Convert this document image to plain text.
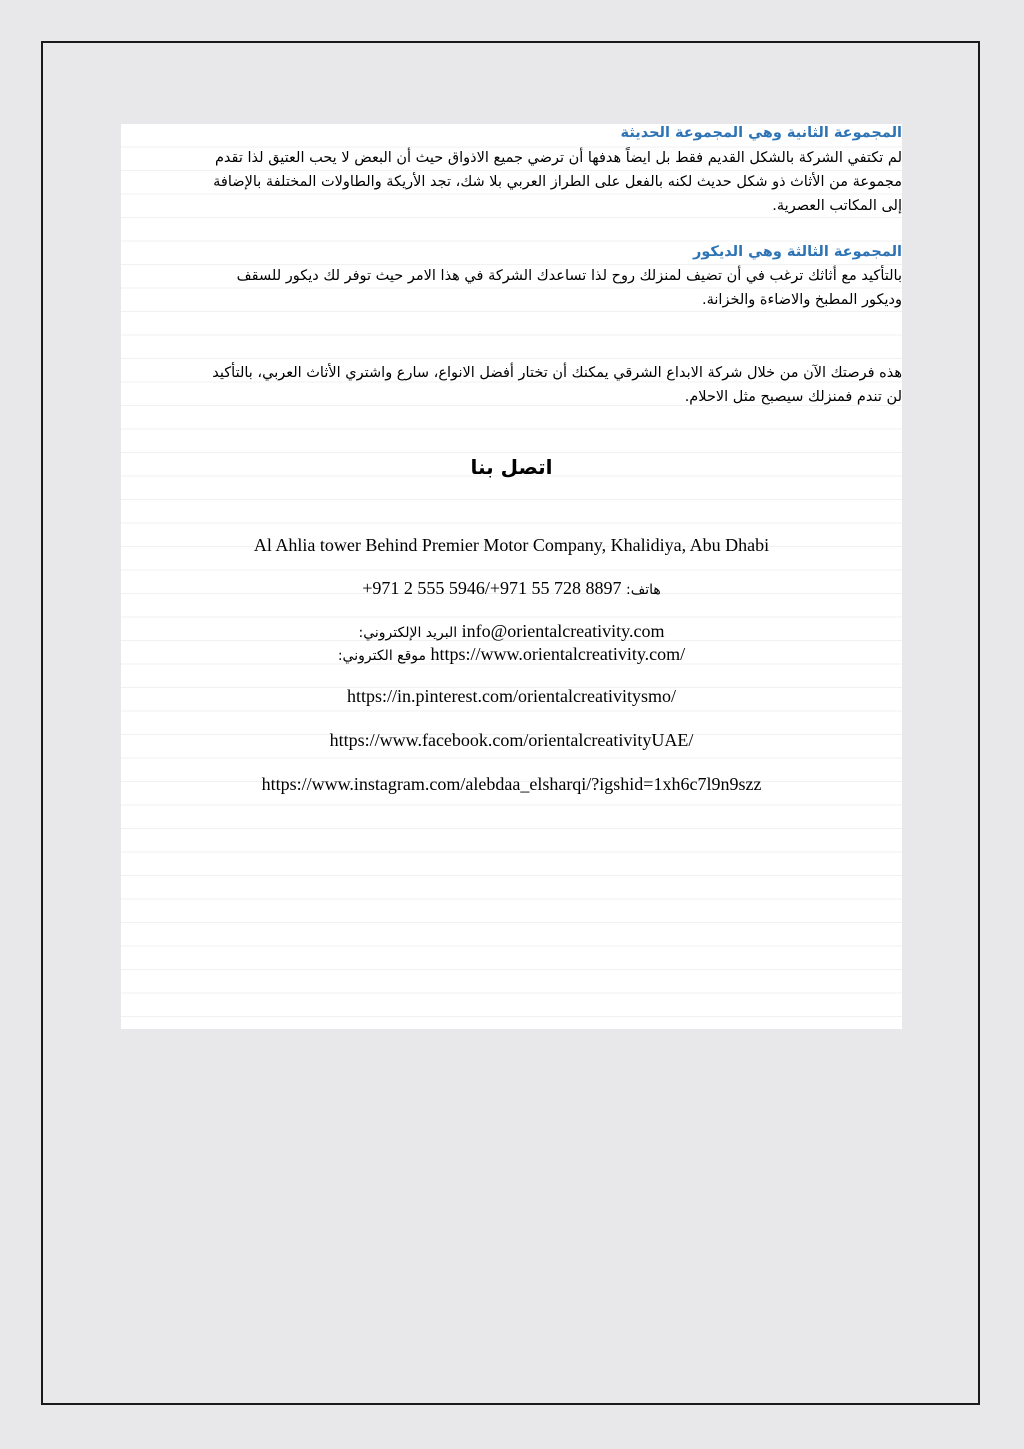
المجموعة الثانية وهي المجموعة الحديثة

لم تكتفي الشركة بالشكل القديم فقط بل ايضاً هدفها أن ترضي جميع الاذواق حيث أن البعض لا يحب العتيق لذا تقدم

مجموعة من الأثاث ذو شكل حديث لكنه بالفعل على الطراز العربي بلا شك، تجد الأريكة والطاولات المختلفة بالإضافة

إلى المكاتب العصرية.

المجموعة الثالثة وهي الديكور

بالتأكيد مع أثاثك ترغب في أن تضيف لمنزلك روح لذا تساعدك الشركة في هذا الامر حيث توفر لك ديكور للسقف

وديكور المطبخ والاضاءة والخزانة.

هذه فرصتك الآن من خلال شركة الابداع الشرقي يمكنك أن تختار أفضل الانواع، سارع واشتري الأثاث العربي، بالتأكيد

لن تندم فمنزلك سيصبح مثل الاحلام.

اتصل بنا

Al Ahlia tower Behind Premier Motor Company, Khalidiya, Abu Dhabi

+971 2 555 5946/+971 55 728 8897 هاتف:

البريد الإلكتروني: info@orientalcreativity.com

موقع الكتروني: https://www.orientalcreativity.com/

https://in.pinterest.com/orientalcreativitysmo/

https://www.facebook.com/orientalcreativityUAE/

https://www.instagram.com/alebdaa_elsharqi/?igshid=1xh6c7l9n9szz
